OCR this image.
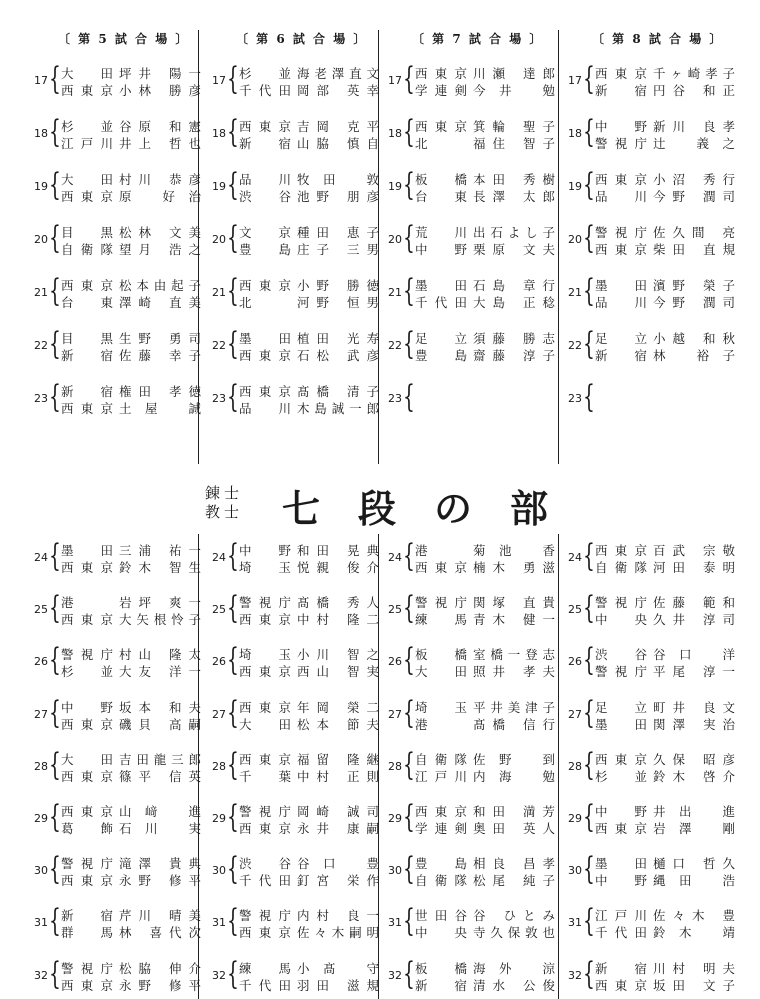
〔 第 5 試 合 場 〕
17 { 大 田 坪井 陽一
西東京 小林 勝彦
18 { 杉 並 谷原 和憲
江戸川 井上 哲也
19 { 大 田 村川 恭彦
西東京 原 好治
20 { 目 黒 松林 文美
自衛隊 望月 浩之
21 { 西東京 松本由起子
台 東 澤崎 直美
22 { 目 黒 生野 勇司
新 宿 佐藤 幸子
23 { 新 宿 権田 孝徳
西東京 土屋 誠
〔 第 6 試 合 場 〕
17 { 杉 並 海老澤直文
千代田 岡部 英幸
18 { 西東京 吉岡 克平
新 宿 山脇 慎自
19 { 品 川 牧田 敦
渋 谷 池野 朋彦
20 { 文 京 種田 恵子
豊 島 庄子 三男
21 { 西東京 小野 勝徳
北	河野 恒男
22 { 墨 田 植田 光寿
西東京 石松 武彦
23 { 西東京 髙橋 清子
品 川 木島誠一郎
〔 第 7 試 合 場 〕
17 { 西東京 川瀬 達郎
学連剣 今井 勉
18 { 西東京 箕輪 聖子
北	福住 智子
19 { 板 橋 本田 秀樹
台 東 長澤 太郎
20 { 荒 川 出石よし子
中 野 栗原 文夫
21 { 墨 田 石島 章行
千代田 大島 正稔
22 { 足 立 須藤 勝志
豊 島 齋藤 淳子
23 {
〔 第 8 試 合 場 〕
17 { 西東京 千ヶ崎孝子
新 宿 円谷 和正
18 { 中 野 新川 良孝
警視庁 辻 義之
19 { 西東京 小沼 秀行
品 川 今野 潤司
20 { 警視庁 佐久間 亮
西東京 柴田 直規
21 { 墨 田 濱野 榮子
品 川 今野 潤司
22 { 足 立 小越 和秋
新 宿 林 裕子
23 {
錬 士
教 士 七段の部
24 { 墨 田 三浦 祐一
西東京 鈴木 智生
25 { 港	岩坪 爽一
西東京 大矢根怜子
26 { 警視庁 村山 隆太
杉 並 大友 洋一
27 { 中 野 坂本 和夫
西東京 磯貝 高嗣
28 { 大 田 吉田龍三郎
西東京 篠平 信英
29 { 西東京 山﨑 進
葛 飾 石川 実
30 { 警視庁 滝澤 貴典
西東京 永野 修平
31 { 新 宿 芹川 晴美
群 馬 林 喜代次
32 { 警視庁 松脇 伸介
西東京 永野 修平
24 { 中 野 和田 晃典
埼 玉 悦親 俊介
25 { 警視庁 髙橋 秀人
西東京 中村 隆二
26 { 埼 玉 小川 智之
西東京 西山 智実
27 { 西東京 年岡 榮二
大 田 松本 節夫
28 { 西東京 福留 隆継
千 葉 中村 正則
29 { 警視庁 岡崎 誠司
西東京 永井 康嗣
30 { 渋 谷 谷口 豊
千代田 釘宮 栄作
31 { 警視庁 内村 良一
西東京 佐々木嗣明
32 { 練 馬 小髙 守
千代田 羽田 滋規
24 { 港	菊池 香
西東京 楠木 勇滋
25 { 警視庁 関塚 直貴
練 馬 青木 健一
26 { 板 橋 室橋一登志
大 田 照井 孝夫
27 { 埼 玉 平井美津子
港	髙橋 信行
28 { 自衛隊 佐野 到
江戸川 内海 勉
29 { 西東京 和田 満芳
学連剣 奥田 英人
30 { 豊 島 相良 昌孝
自衛隊 松尾 純子
31 { 世田谷 谷 ひとみ
中 央 寺久保敦也
32 { 板 橋 海外 涼
新 宿 清水 公俊
24 { 西東京 百武 宗敬
自衛隊 河田 泰明
25 { 警視庁 佐藤 範和
中 央 久井 淳司
26 { 渋 谷 谷口 洋
警視庁 平尾 淳一
27 { 足 立 町井 良文
墨 田 関澤 実治
28 { 西東京 久保 昭彦
杉 並 鈴木 啓介
29 { 中 野 井出 進
西東京 岩澤 剛
30 { 墨 田 樋口 哲久
中 野 縄田 浩
31 { 江戸川 佐々木 豊
千代田 鈴木 靖
32 { 新 宿 川村 明夫
西東京 坂田 文子
